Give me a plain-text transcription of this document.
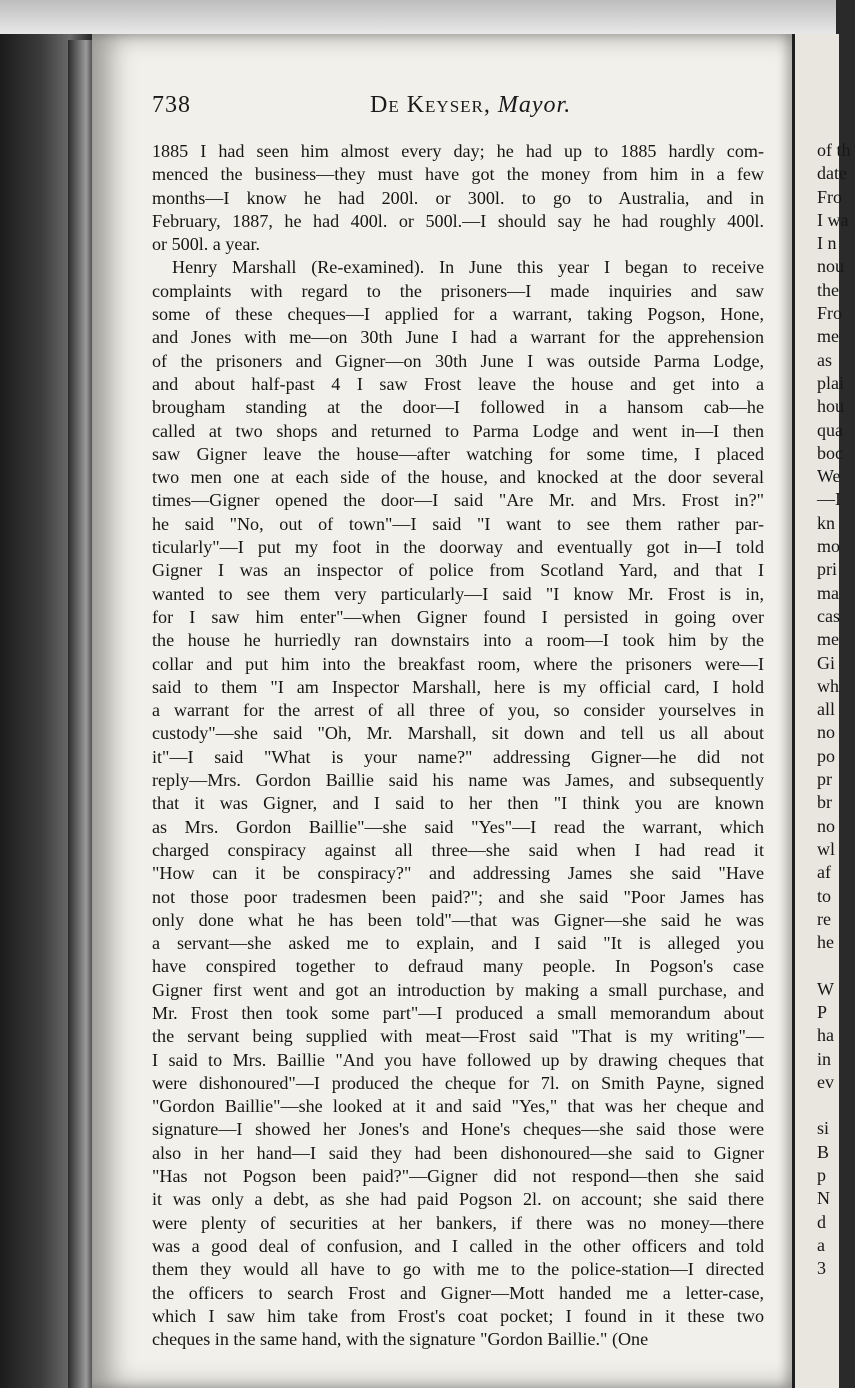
738	De Keyser, Mayor.
1885 I had seen him almost every day; he had up to 1885 hardly com-
menced the business—they must have got the money from him in a few
months—I know he had 200l. or 300l. to go to Australia, and in
February, 1887, he had 400l. or 500l.—I should say he had roughly 400l.
or 500l. a year.
Henry Marshall (Re-examined). In June this year I began to receive
complaints with regard to the prisoners—I made inquiries and saw
some of these cheques—I applied for a warrant, taking Pogson, Hone,
and Jones with me—on 30th June I had a warrant for the apprehension
of the prisoners and Gigner—on 30th June I was outside Parma Lodge,
and about half-past 4 I saw Frost leave the house and get into a
brougham standing at the door—I followed in a hansom cab—he
called at two shops and returned to Parma Lodge and went in—I then
saw Gigner leave the house—after watching for some time, I placed
two men one at each side of the house, and knocked at the door several
times—Gigner opened the door—I said "Are Mr. and Mrs. Frost in?"
he said "No, out of town"—I said "I want to see them rather par-
ticularly"—I put my foot in the doorway and eventually got in—I told
Gigner I was an inspector of police from Scotland Yard, and that I
wanted to see them very particularly—I said "I know Mr. Frost is in,
for I saw him enter"—when Gigner found I persisted in going over
the house he hurriedly ran downstairs into a room—I took him by the
collar and put him into the breakfast room, where the prisoners were—I
said to them "I am Inspector Marshall, here is my official card, I hold
a warrant for the arrest of all three of you, so consider yourselves in
custody"—she said "Oh, Mr. Marshall, sit down and tell us all about
it"—I said "What is your name?" addressing Gigner—he did not
reply—Mrs. Gordon Baillie said his name was James, and subsequently
that it was Gigner, and I said to her then "I think you are known
as Mrs. Gordon Baillie"—she said "Yes"—I read the warrant, which
charged conspiracy against all three—she said when I had read it
"How can it be conspiracy?" and addressing James she said "Have
not those poor tradesmen been paid?"; and she said "Poor James has
only done what he has been told"—that was Gigner—she said he was
a servant—she asked me to explain, and I said "It is alleged you
have conspired together to defraud many people. In Pogson's case
Gigner first went and got an introduction by making a small purchase, and
Mr. Frost then took some part"—I produced a small memorandum about
the servant being supplied with meat—Frost said "That is my writing"—
I said to Mrs. Baillie "And you have followed up by drawing cheques that
were dishonoured"—I produced the cheque for 7l. on Smith Payne, signed
"Gordon Baillie"—she looked at it and said "Yes," that was her cheque and
signature—I showed her Jones's and Hone's cheques—she said those were
also in her hand—I said they had been dishonoured—she said to Gigner
"Has not Pogson been paid?"—Gigner did not respond—then she said
it was only a debt, as she had paid Pogson 2l. on account; she said there
were plenty of securities at her bankers, if there was no money—there
was a good deal of confusion, and I called in the other officers and told
them they would all have to go with me to the police-station—I directed
the officers to search Frost and Gigner—Mott handed me a letter-case,
which I saw him take from Frost's coat pocket; I found in it these two
cheques in the same hand, with the signature "Gordon Baillie." (One
of th
date
Fro
I wa
I n
nou
the
Fro
me
as
plai
hou
qua
boc
We
—I
kn
mo
pri
ma
cas
me
Gi
wh
all
no
po
pr
br
no
wl
af
to
re
he
W
P
ha
in
ev
si
B
p
N
d
a
3
